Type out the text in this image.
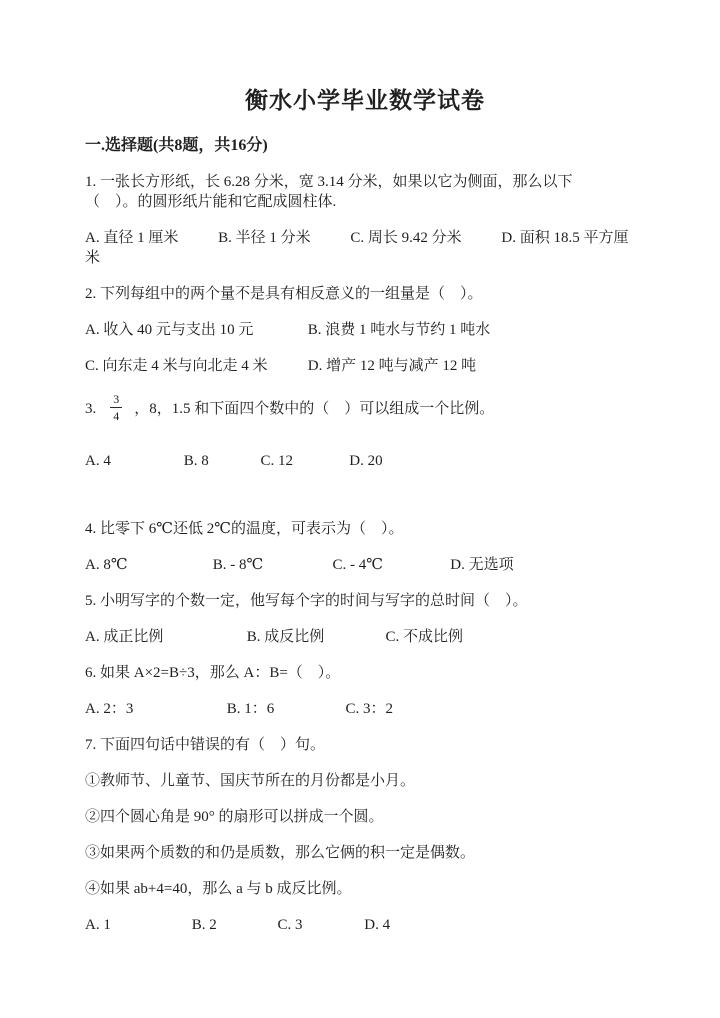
衡水小学毕业数学试卷
一.选择题(共8题，共16分)

1. 一张长方形纸，长 6.28 分米，宽 3.14 分米，如果以它为侧面，那么以下
（　）。的圆形纸片能和它配成圆柱体.

A. 直径 1 厘米	B. 半径 1 分米	C. 周长 9.42 分米	D. 面积 18.5 平方厘米

2. 下列每组中的两个量不是具有相反意义的一组量是（　）。

A. 收入 40 元与支出 10 元	B. 浪费 1 吨水与节约 1 吨水
C. 向东走 4 米与向北走 4 米	D. 增产 12 吨与减产 12 吨

3. $\frac{3}{4}$ ，8，1.5 和下面四个数中的（　）可以组成一个比例。

A. 4	B. 8	C. 12	D. 20

4. 比零下 6℃还低 2℃的温度，可表示为（　）。

A. 8℃	B. - 8℃	C. - 4℃	D. 无选项

5. 小明写字的个数一定，他写每个字的时间与写字的总时间（　）。

A. 成正比例	B. 成反比例	C. 不成比例

6. 如果 A×2=B÷3，那么 A：B=（　）。

A. 2：3	B. 1：6	C. 3：2

7. 下面四句话中错误的有（　）句。

①教师节、儿童节、国庆节所在的月份都是小月。

②四个圆心角是 90° 的扇形可以拼成一个圆。

③如果两个质数的和仍是质数，那么它俩的积一定是偶数。

④如果 ab+4=40，那么 a 与 b 成反比例。

A. 1	B. 2	C. 3	D. 4
